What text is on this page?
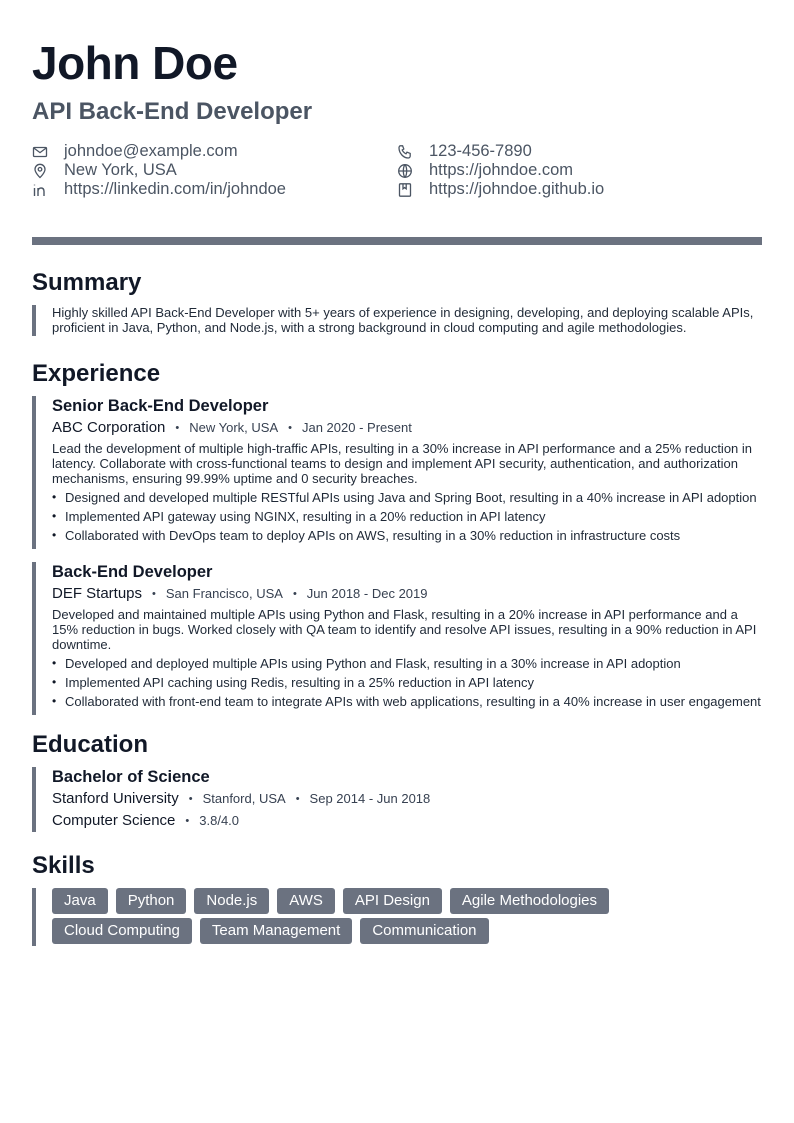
John Doe
API Back-End Developer
johndoe@example.com	123-456-7890
New York, USA	https://johndoe.com
https://linkedin.com/in/johndoe	https://johndoe.github.io
Summary
Highly skilled API Back-End Developer with 5+ years of experience in designing, developing, and deploying scalable APIs, proficient in Java, Python, and Node.js, with a strong background in cloud computing and agile methodologies.
Experience
Senior Back-End Developer
ABC Corporation • New York, USA • Jan 2020 - Present
Lead the development of multiple high-traffic APIs, resulting in a 30% increase in API performance and a 25% reduction in latency. Collaborate with cross-functional teams to design and implement API security, authentication, and authorization mechanisms, ensuring 99.99% uptime and 0 security breaches.
• Designed and developed multiple RESTful APIs using Java and Spring Boot, resulting in a 40% increase in API adoption
• Implemented API gateway using NGINX, resulting in a 20% reduction in API latency
• Collaborated with DevOps team to deploy APIs on AWS, resulting in a 30% reduction in infrastructure costs
Back-End Developer
DEF Startups • San Francisco, USA • Jun 2018 - Dec 2019
Developed and maintained multiple APIs using Python and Flask, resulting in a 20% increase in API performance and a 15% reduction in bugs. Worked closely with QA team to identify and resolve API issues, resulting in a 90% reduction in API downtime.
• Developed and deployed multiple APIs using Python and Flask, resulting in a 30% increase in API adoption
• Implemented API caching using Redis, resulting in a 25% reduction in API latency
• Collaborated with front-end team to integrate APIs with web applications, resulting in a 40% increase in user engagement
Education
Bachelor of Science
Stanford University • Stanford, USA • Sep 2014 - Jun 2018
Computer Science • 3.8/4.0
Skills
Java	Python	Node.js	AWS	API Design	Agile Methodologies
Cloud Computing	Team Management	Communication
